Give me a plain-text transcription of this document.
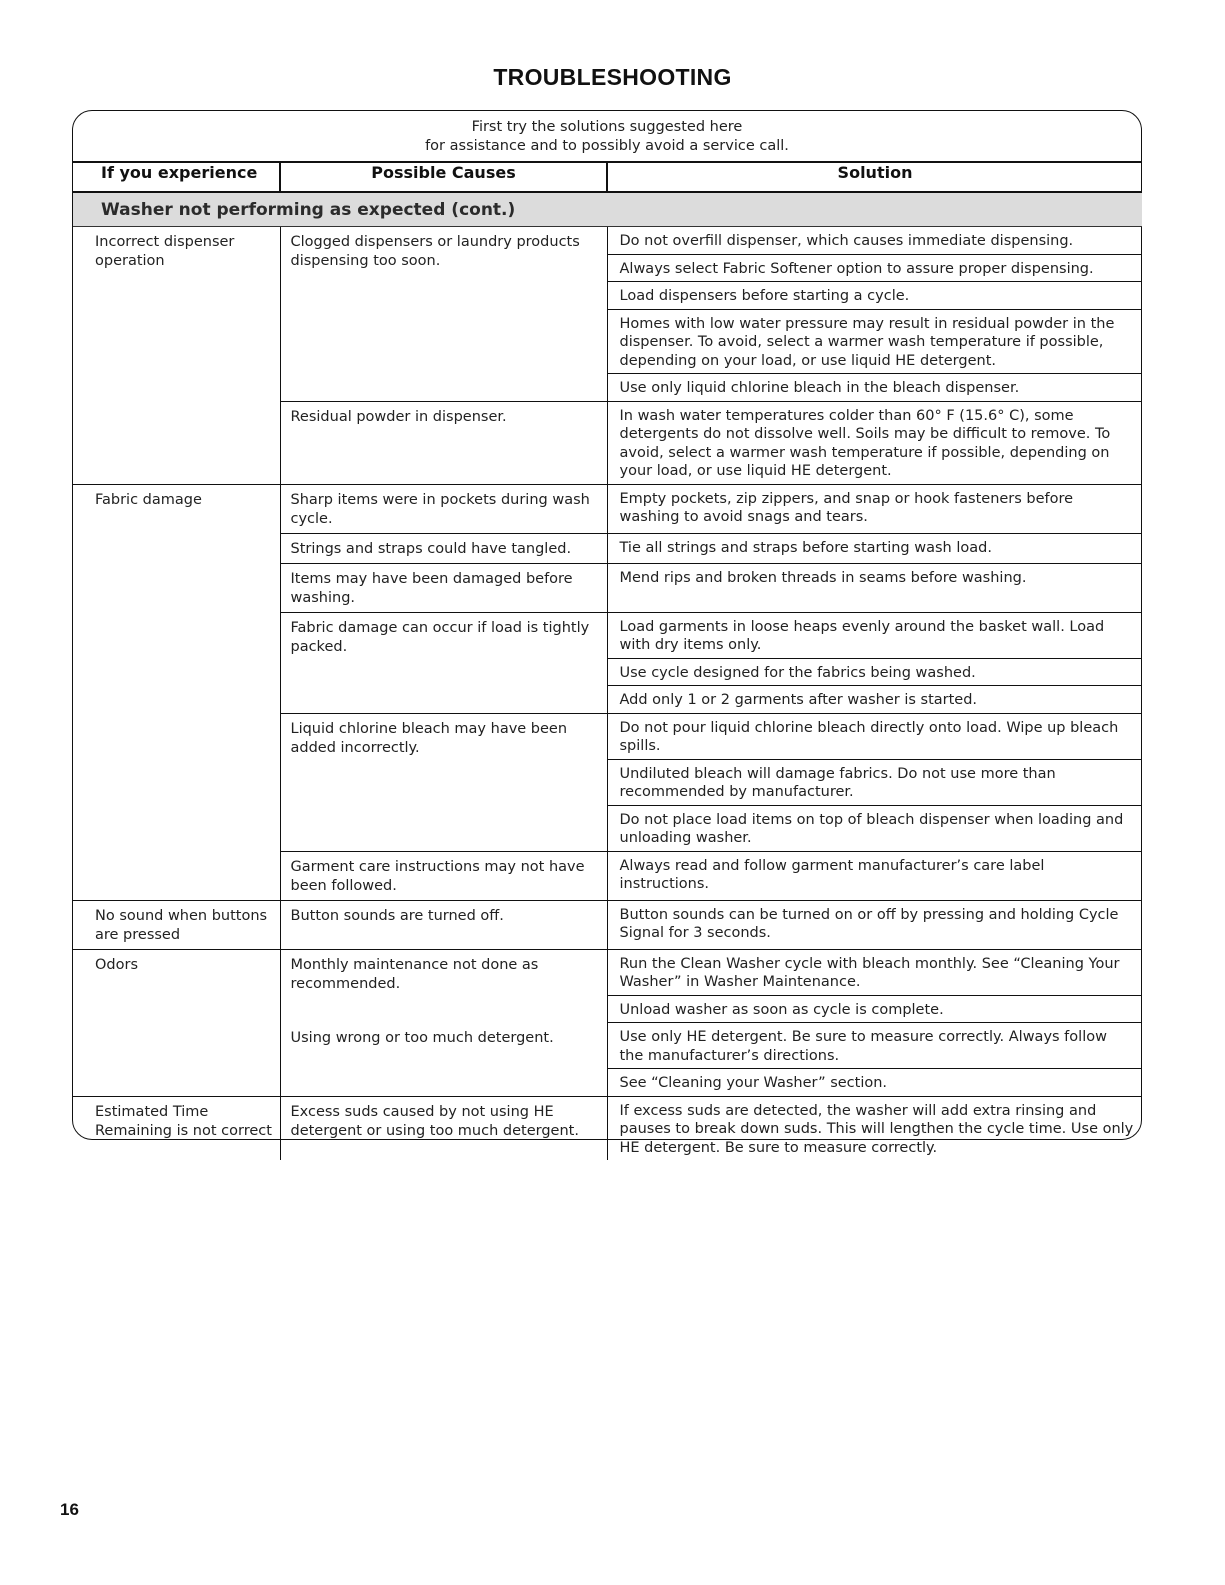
TROUBLESHOOTING
First try the solutions suggested here
for assistance and to possibly avoid a service call.
If you experience	Possible Causes	Solution
Washer not performing as expected (cont.)		
Incorrect dispenser operation	Clogged dispensers or laundry products dispensing too soon.	Do not overfill dispenser, which causes immediate dispensing.
		Always select Fabric Softener option to assure proper dispensing.
		Load dispensers before starting a cycle.
		Homes with low water pressure may result in residual powder in the dispenser. To avoid, select a warmer wash temperature if possible, depending on your load, or use liquid HE detergent.
		Use only liquid chlorine bleach in the bleach dispenser.
	Residual powder in dispenser.	In wash water temperatures colder than 60° F (15.6° C), some detergents do not dissolve well. Soils may be difficult to remove. To avoid, select a warmer wash temperature if possible, depending on your load, or use liquid HE detergent.
Fabric damage	Sharp items were in pockets during wash cycle.	Empty pockets, zip zippers, and snap or hook fasteners before washing to avoid snags and tears.
	Strings and straps could have tangled.	Tie all strings and straps before starting wash load.
	Items may have been damaged before washing.	Mend rips and broken threads in seams before washing.
	Fabric damage can occur if load is tightly packed.	Load garments in loose heaps evenly around the basket wall. Load with dry items only.
		Use cycle designed for the fabrics being washed.
		Add only 1 or 2 garments after washer is started.
	Liquid chlorine bleach may have been added incorrectly.	Do not pour liquid chlorine bleach directly onto load. Wipe up bleach spills.
		Undiluted bleach will damage fabrics. Do not use more than recommended by manufacturer.
		Do not place load items on top of bleach dispenser when loading and unloading washer.
	Garment care instructions may not have been followed.	Always read and follow garment manufacturer’s care label instructions.
No sound when buttons are pressed	Button sounds are turned off.	Button sounds can be turned on or off by pressing and holding Cycle Signal for 3 seconds.
Odors	Monthly maintenance not done as recommended.	Run the Clean Washer cycle with bleach monthly. See “Cleaning Your Washer” in Washer Maintenance.
		Unload washer as soon as cycle is complete.
	Using wrong or too much detergent.	Use only HE detergent. Be sure to measure correctly. Always follow the manufacturer’s directions.
		See “Cleaning your Washer” section.
Estimated Time Remaining is not correct	Excess suds caused by not using HE detergent or using too much detergent.	If excess suds are detected, the washer will add extra rinsing and pauses to break down suds. This will lengthen the cycle time. Use only HE detergent. Be sure to measure correctly.
16
